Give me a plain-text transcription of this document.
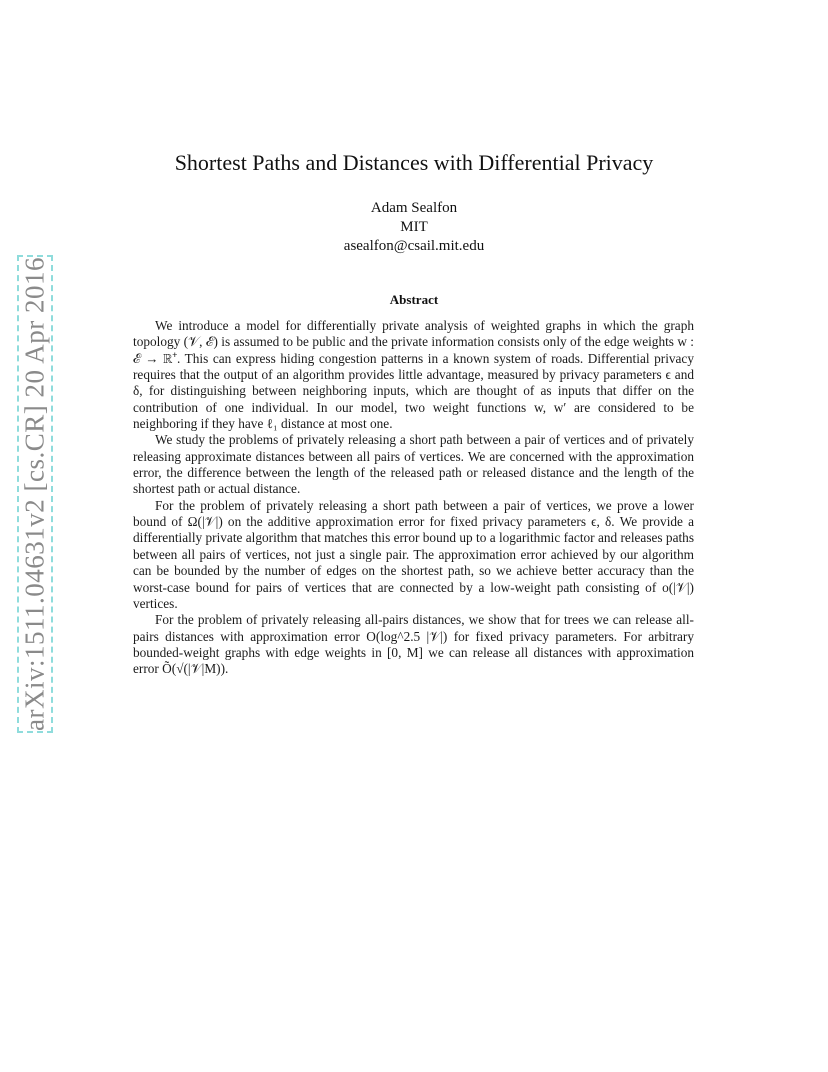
arXiv:1511.04631v2 [cs.CR] 20 Apr 2016
Shortest Paths and Distances with Differential Privacy
Adam Sealfon
MIT
asealfon@csail.mit.edu
Abstract

We introduce a model for differentially private analysis of weighted graphs in which the graph topology (𝒱, ℰ) is assumed to be public and the private information consists only of the edge weights w : ℰ → ℝ⁺. This can express hiding congestion patterns in a known system of roads. Differential privacy requires that the output of an algorithm provides little advantage, measured by privacy parameters ϵ and δ, for distinguishing between neighboring inputs, which are thought of as inputs that differ on the contribution of one individual. In our model, two weight functions w, w′ are considered to be neighboring if they have ℓ₁ distance at most one.

We study the problems of privately releasing a short path between a pair of vertices and of privately releasing approximate distances between all pairs of vertices. We are concerned with the approximation error, the difference between the length of the released path or released distance and the length of the shortest path or actual distance.

For the problem of privately releasing a short path between a pair of vertices, we prove a lower bound of Ω(|𝒱|) on the additive approximation error for fixed privacy parameters ϵ, δ. We provide a differentially private algorithm that matches this error bound up to a logarithmic factor and releases paths between all pairs of vertices, not just a single pair. The approximation error achieved by our algorithm can be bounded by the number of edges on the shortest path, so we achieve better accuracy than the worst-case bound for pairs of vertices that are connected by a low-weight path consisting of o(|𝒱|) vertices.

For the problem of privately releasing all-pairs distances, we show that for trees we can release all-pairs distances with approximation error O(log^2.5 |𝒱|) for fixed privacy parameters. For arbitrary bounded-weight graphs with edge weights in [0, M] we can release all distances with approximation error Õ(√(|𝒱|M)).
